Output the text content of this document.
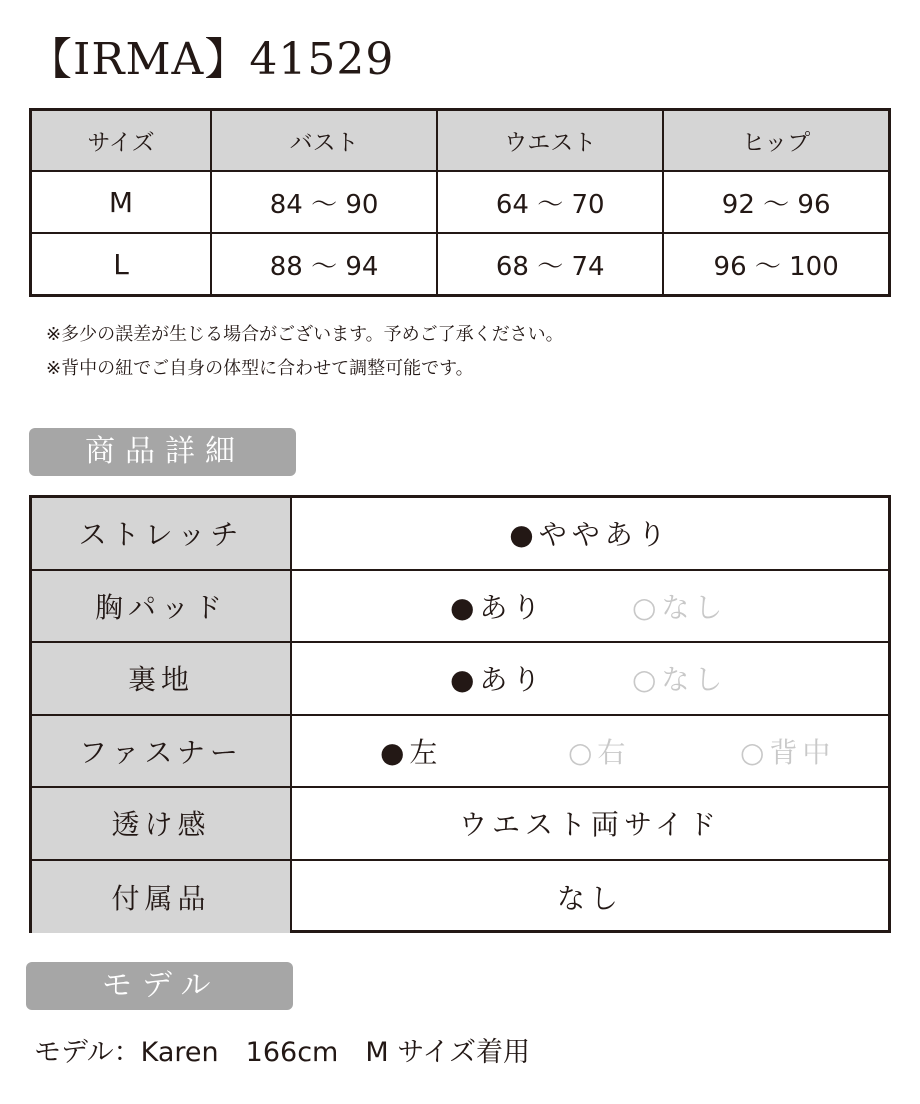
【IRMA】41529
サイズ	バスト	ウエスト	ヒップ
M	84 ～ 90	64 ～ 70	92 ～ 96
L	88 ～ 94	68 ～ 74	96 ～ 100
※多少の誤差が生じる場合がございます。予めご了承ください。
※背中の紐でご自身の体型に合わせて調整可能です。
商品詳細
ストレッチ	●ややあり
胸パッド	●あり	○なし
裏地	●あり	○なし
ファスナー	●左	○右	○背中
透け感	ウエスト両サイド
付属品	なし
モデル
モデル：Karen　166cm　M サイズ着用
